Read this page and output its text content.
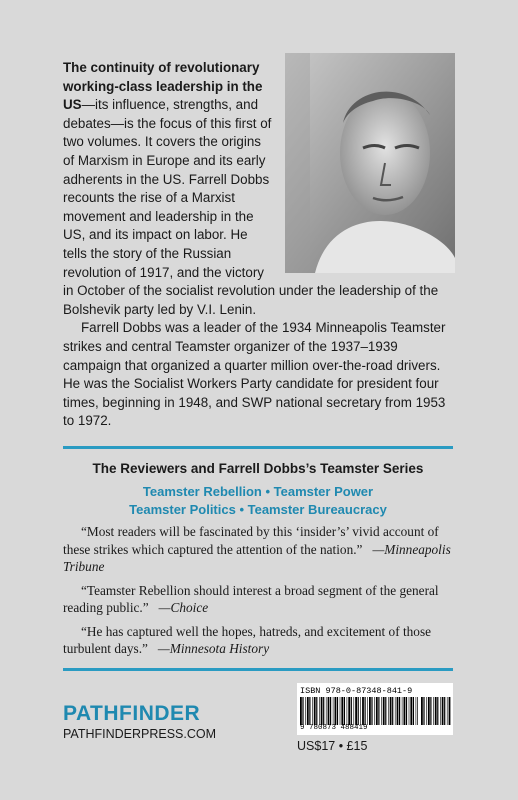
The continuity of revolutionary working-class leadership in the US—its influence, strengths, and debates—is the focus of this first of two volumes. It covers the origins of Marxism in Europe and its early adherents in the US. Farrell Dobbs recounts the rise of a Marxist movement and leadership in the US, and its impact on labor. He tells the story of the Russian revolution of 1917, and the victory in October of the socialist revolution under the leadership of the Bolshevik party led by V.I. Lenin.

Farrell Dobbs was a leader of the 1934 Minneapolis Teamster strikes and central Teamster organizer of the 1937–1939 campaign that organized a quarter million over-the-road drivers. He was the Socialist Workers Party candidate for president four times, beginning in 1948, and SWP national secretary from 1953 to 1972.

The Reviewers and Farrell Dobbs’s Teamster Series
Teamster Rebellion • Teamster Power
Teamster Politics • Teamster Bureaucracy

“Most readers will be fascinated by this ‘insider’s’ vivid account of these strikes which captured the attention of the nation.” —Minneapolis Tribune

“Teamster Rebellion should interest a broad segment of the general reading public.” —Choice

“He has captured well the hopes, hatreds, and excitement of those turbulent days.” —Minnesota History

PATHFINDER
PATHFINDERPRESS.COM
ISBN 978-0-87348-841-9
9 780873 488419
US$17 • £15
